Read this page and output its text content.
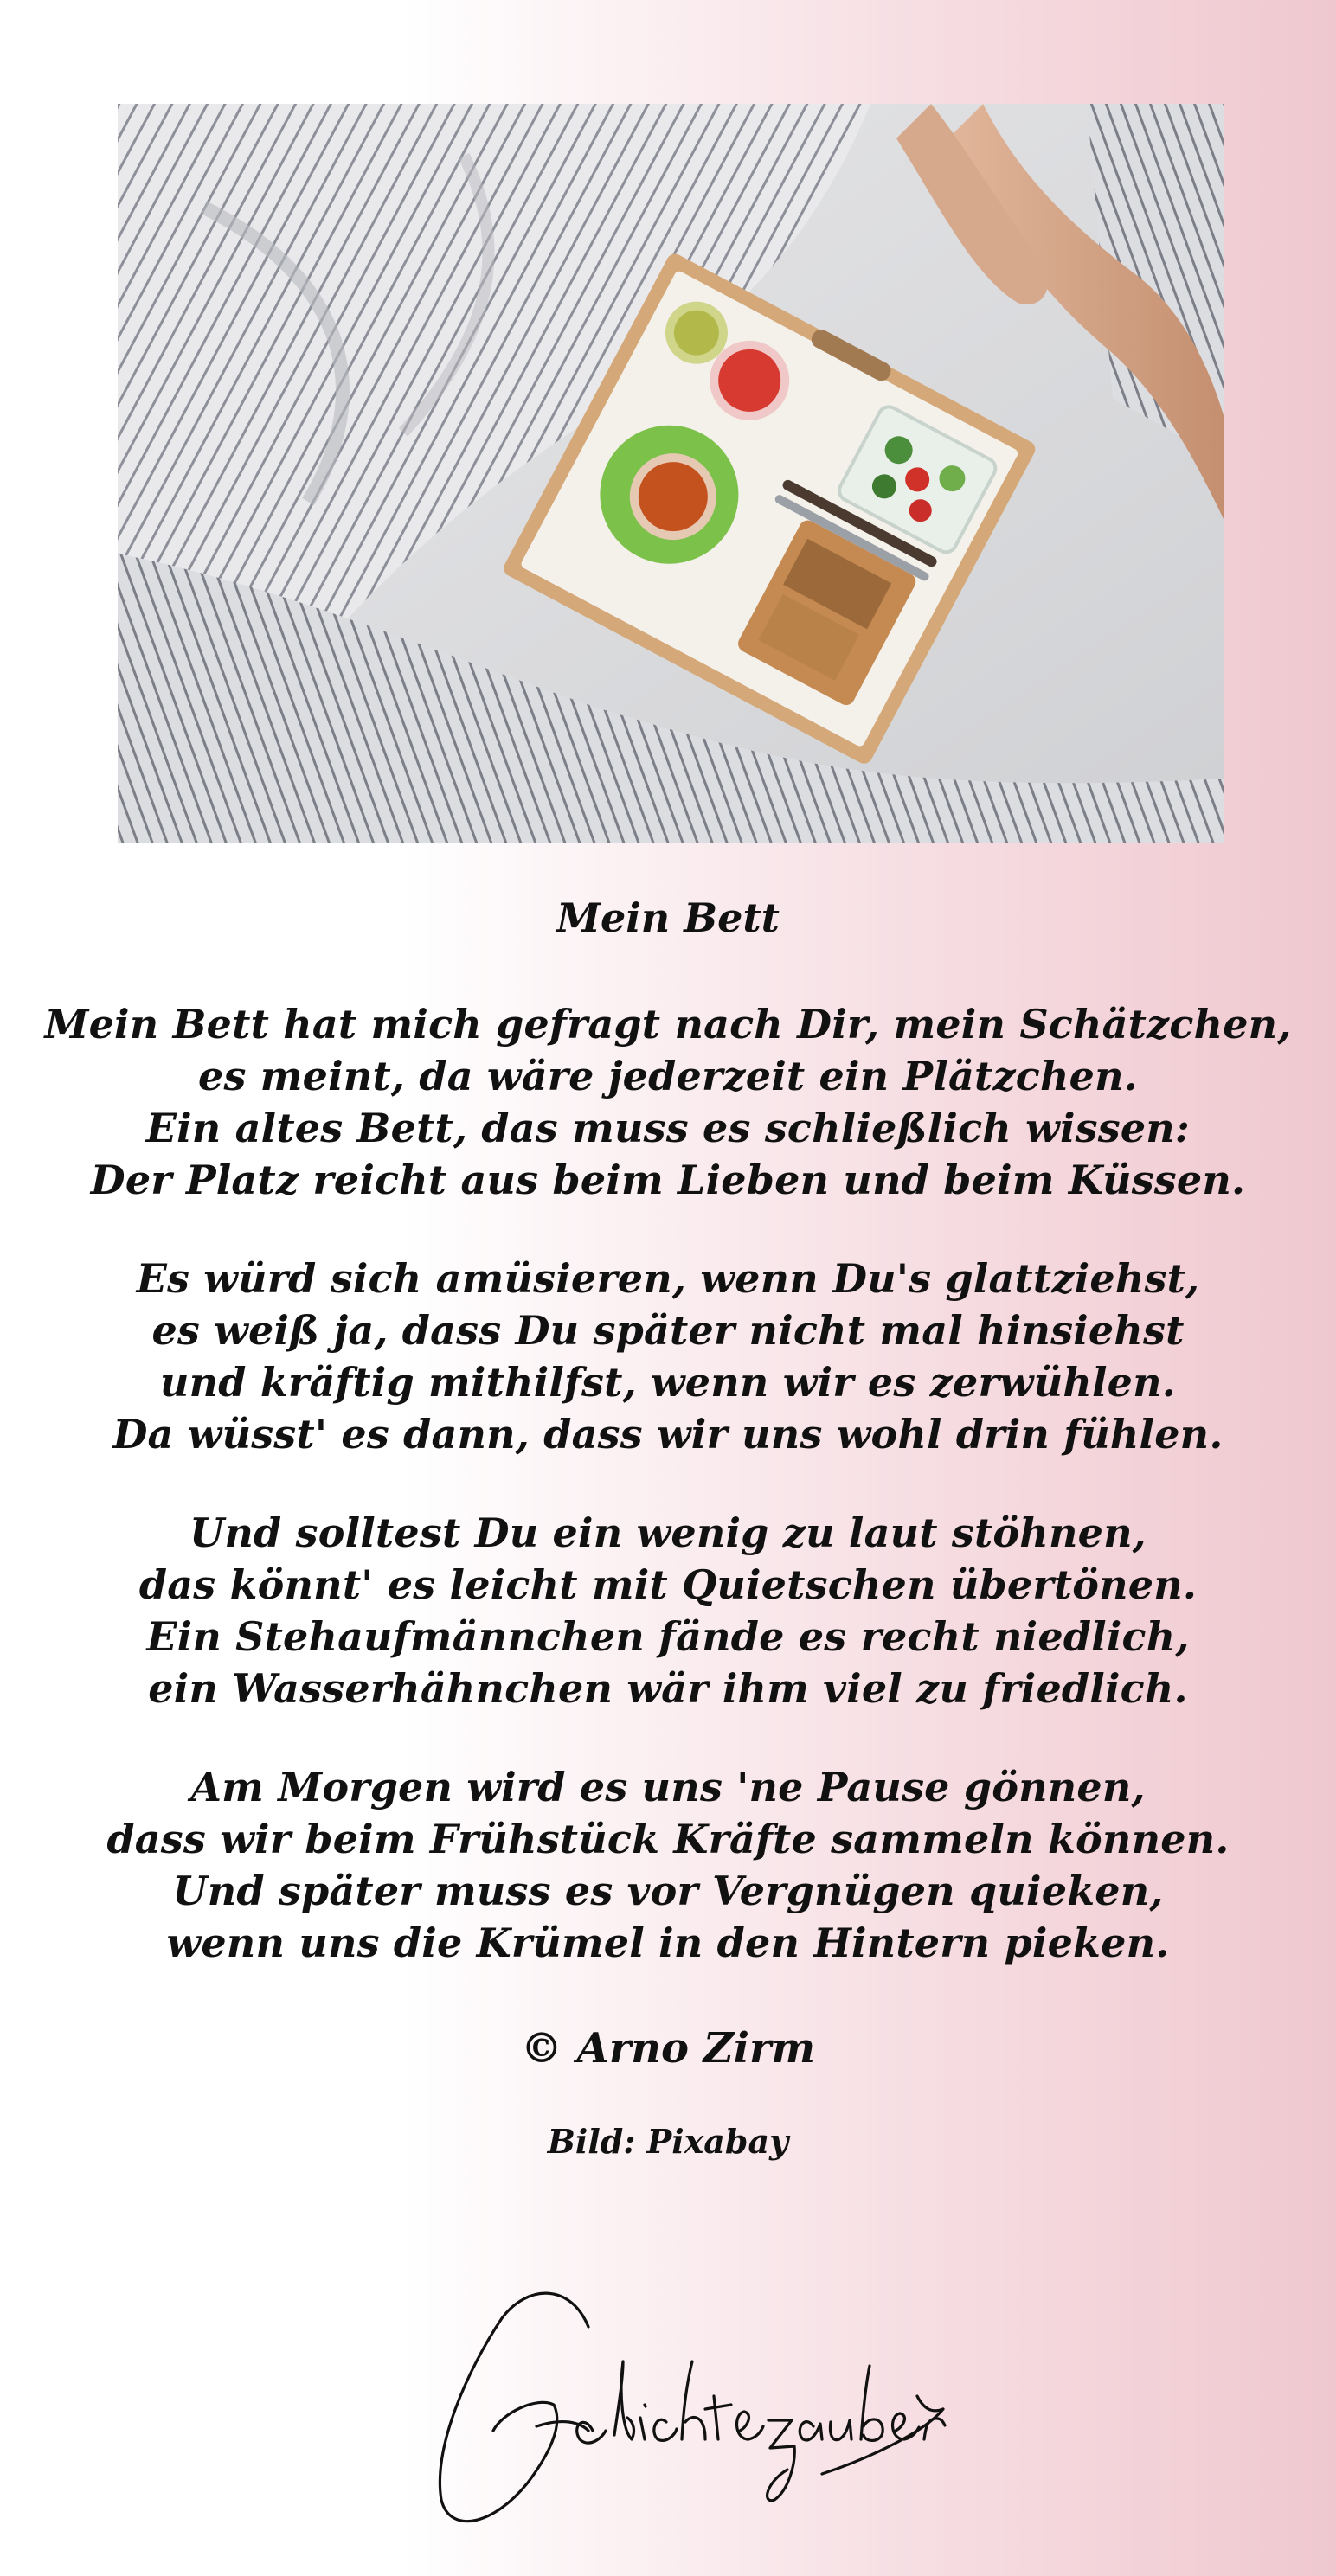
Mein Bett
Mein Bett hat mich gefragt nach Dir, mein Schätzchen,
es meint, da wäre jederzeit ein Plätzchen.
Ein altes Bett, das muss es schließlich wissen:
Der Platz reicht aus beim Lieben und beim Küssen.
Es würd sich amüsieren, wenn Du's glattziehst,
es weiß ja, dass Du später nicht mal hinsiehst
und kräftig mithilfst, wenn wir es zerwühlen.
Da wüsst' es dann, dass wir uns wohl drin fühlen.
Und solltest Du ein wenig zu laut stöhnen,
das könnt' es leicht mit Quietschen übertönen.
Ein Stehaufmännchen fände es recht niedlich,
ein Wasserhähnchen wär ihm viel zu friedlich.
Am Morgen wird es uns 'ne Pause gönnen,
dass wir beim Frühstück Kräfte sammeln können.
Und später muss es vor Vergnügen quieken,
wenn uns die Krümel in den Hintern pieken.
© Arno Zirm
Bild: Pixabay
